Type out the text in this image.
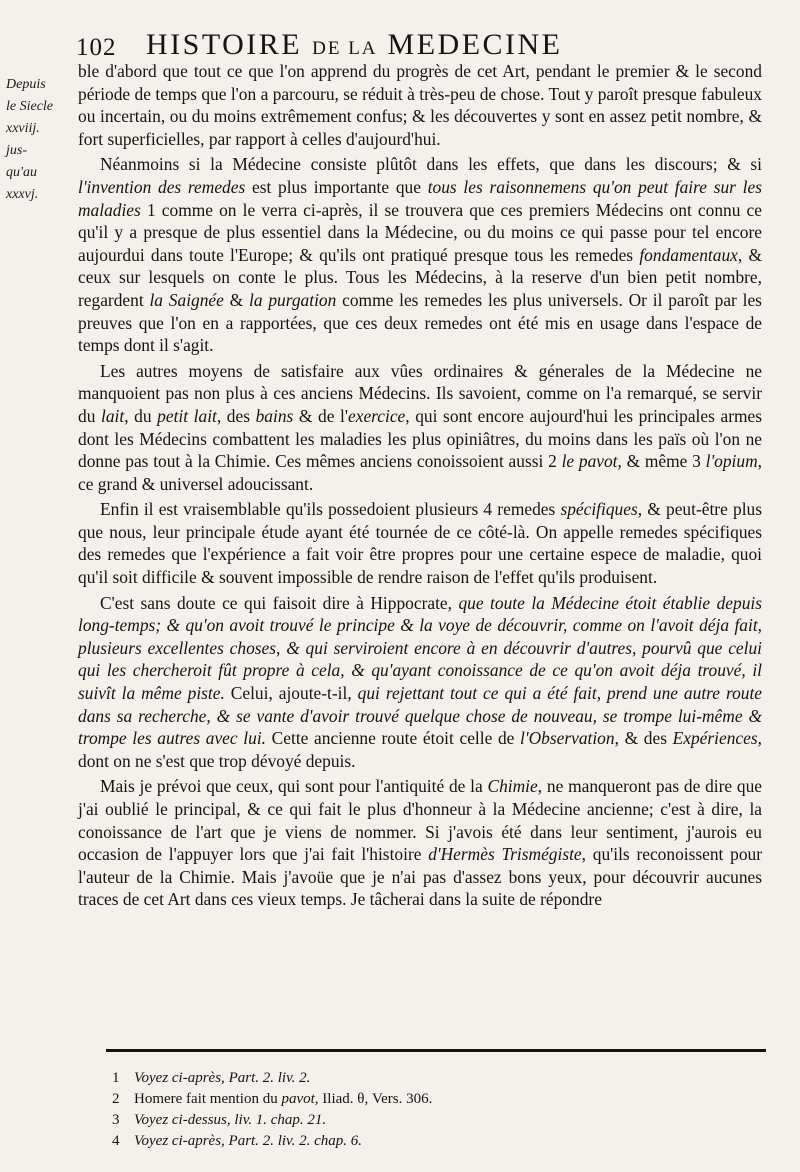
102 HISTOIRE DE LA MEDECINE
Depuis
le Siecle
xxviij.
jus-
qu'au
xxxvj.

ble d'abord que tout ce que l'on apprend du progrès de cet Art, pendant le premier & le second période de temps que l'on a parcouru, se réduit à très-peu de chose. Tout y paroît presque fabuleux ou incertain, ou du moins extrêmement confus; & les découvertes y sont en assez petit nombre, & fort superficielles, par rapport à celles d'aujourd'hui.

Néanmoins si la Médecine consiste plûtôt dans les effets, que dans les discours; & si l'invention des remedes est plus importante que tous les raisonnemens qu'on peut faire sur les maladies 1 comme on le verra ci-après, il se trouvera que ces premiers Médecins ont connu ce qu'il y a presque de plus essentiel dans la Médecine, ou du moins ce qui passe pour tel encore aujourdui dans toute l'Europe; & qu'ils ont pratiqué presque tous les remedes fondamentaux, & ceux sur lesquels on conte le plus. Tous les Médecins, à la reserve d'un bien petit nombre, regardent la Saignée & la purgation comme les remedes les plus universels. Or il paroît par les preuves que l'on en a rapportées, que ces deux remedes ont été mis en usage dans l'espace de temps dont il s'agit.

Les autres moyens de satisfaire aux vûes ordinaires & génerales de la Médecine ne manquoient pas non plus à ces anciens Médecins. Ils savoient, comme on l'a remarqué, se servir du lait, du petit lait, des bains & de l'exercice, qui sont encore aujourd'hui les principales armes dont les Médecins combattent les maladies les plus opiniâtres, du moins dans les païs où l'on ne donne pas tout à la Chimie. Ces mêmes anciens conoissoient aussi 2 le pavot, & même 3 l'opium, ce grand & universel adoucissant.

Enfin il est vraisemblable qu'ils possedoient plusieurs 4 remedes spécifiques, & peut-être plus que nous, leur principale étude ayant été tournée de ce côté-là. On appelle remedes spécifiques des remedes que l'expérience a fait voir être propres pour une certaine espece de maladie, quoi qu'il soit difficile & souvent impossible de rendre raison de l'effet qu'ils produisent.

C'est sans doute ce qui faisoit dire à Hippocrate, que toute la Médecine étoit établie depuis long-temps; & qu'on avoit trouvé le principe & la voye de découvrir, comme on l'avoit déja fait, plusieurs excellentes choses, & qui serviroient encore à en découvrir d'autres, pourvû que celui qui les chercheroit fût propre à cela, & qu'ayant conoissance de ce qu'on avoit déja trouvé, il suivît la même piste. Celui, ajoute-t-il, qui rejettant tout ce qui a été fait, prend une autre route dans sa recherche, & se vante d'avoir trouvé quelque chose de nouveau, se trompe lui-même & trompe les autres avec lui. Cette ancienne route étoit celle de l'Observation, & des Expériences, dont on ne s'est que trop dévoyé depuis.

Mais je prévoi que ceux, qui sont pour l'antiquité de la Chimie, ne manqueront pas de dire que j'ai oublié le principal, & ce qui fait le plus d'honneur à la Médecine ancienne; c'est à dire, la conoissance de l'art que je viens de nommer. Si j'avois été dans leur sentiment, j'aurois eu occasion de l'appuyer lors que j'ai fait l'histoire d'Hermès Trismégiste, qu'ils reconoissent pour l'auteur de la Chimie. Mais j'avoüe que je n'ai pas d'assez bons yeux, pour découvrir aucunes traces de cet Art dans ces vieux temps. Je tâcherai dans la suite de répondre

1 Voyez ci-après, Part. 2. liv. 2.
2 Homere fait mention du pavot, Iliad. θ, Vers. 306.
3 Voyez ci-dessus, liv. 1. chap. 21.
4 Voyez ci-après, Part. 2. liv. 2. chap. 6.
